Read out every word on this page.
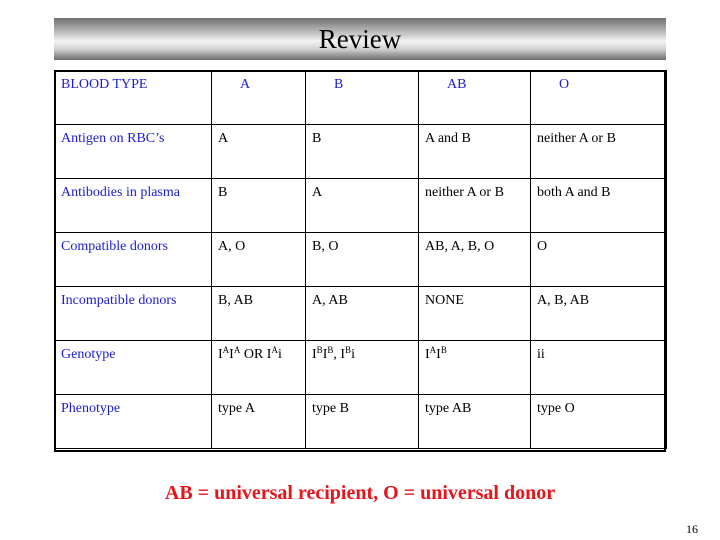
Review
BLOOD TYPE	A	B	AB	O
Antigen on RBC’s	A	B	A and B	neither A or B
Antibodies in plasma	B	A	neither A or B	both A and B
Compatible donors	A, O	B, O	AB, A, B, O	O
Incompatible donors	B, AB	A, AB	NONE	A, B, AB
Genotype	$I^AI^A$ OR $I^Ai$	$I^BI^B$, $I^Bi$	$I^AI^B$	ii
Phenotype	type A	type B	type AB	type O
AB = universal recipient, O = universal donor
16
